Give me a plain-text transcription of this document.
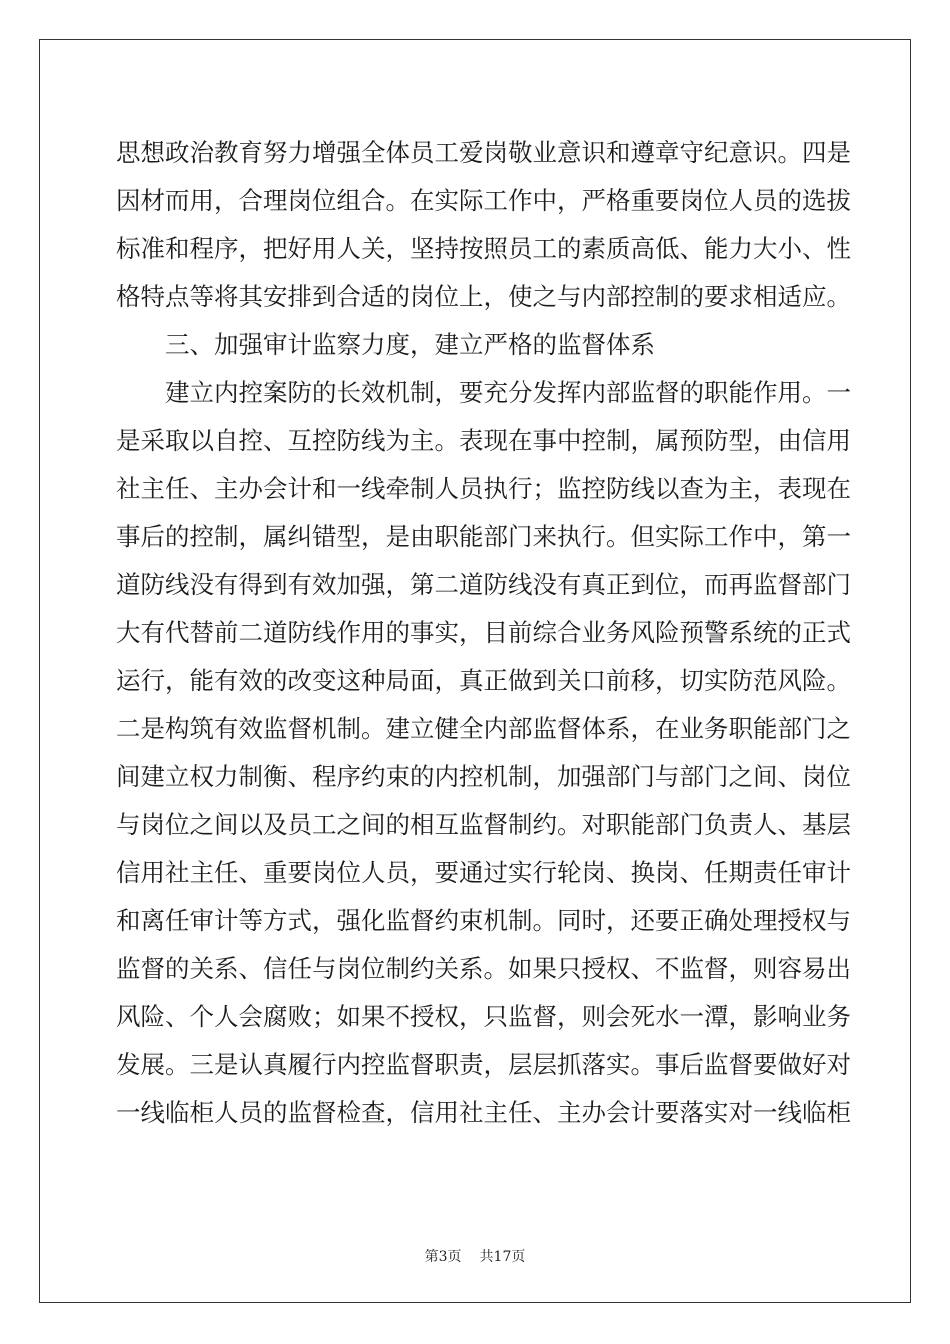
思想政治教育努力增强全体员工爱岗敬业意识和遵章守纪意识。四是
因材而用，合理岗位组合。在实际工作中，严格重要岗位人员的选拔
标准和程序，把好用人关，坚持按照员工的素质高低、能力大小、性
格特点等将其安排到合适的岗位上，使之与内部控制的要求相适应。
三、加强审计监察力度，建立严格的监督体系
建立内控案防的长效机制，要充分发挥内部监督的职能作用。一
是采取以自控、互控防线为主。表现在事中控制，属预防型，由信用
社主任、主办会计和一线牵制人员执行；监控防线以查为主，表现在
事后的控制，属纠错型，是由职能部门来执行。但实际工作中，第一
道防线没有得到有效加强，第二道防线没有真正到位，而再监督部门
大有代替前二道防线作用的事实，目前综合业务风险预警系统的正式
运行，能有效的改变这种局面，真正做到关口前移，切实防范风险。
二是构筑有效监督机制。建立健全内部监督体系，在业务职能部门之
间建立权力制衡、程序约束的内控机制，加强部门与部门之间、岗位
与岗位之间以及员工之间的相互监督制约。对职能部门负责人、基层
信用社主任、重要岗位人员，要通过实行轮岗、换岗、任期责任审计
和离任审计等方式，强化监督约束机制。同时，还要正确处理授权与
监督的关系、信任与岗位制约关系。如果只授权、不监督，则容易出
风险、个人会腐败；如果不授权，只监督，则会死水一潭，影响业务
发展。三是认真履行内控监督职责，层层抓落实。事后监督要做好对
一线临柜人员的监督检查，信用社主任、主办会计要落实对一线临柜
第3页 共17页
